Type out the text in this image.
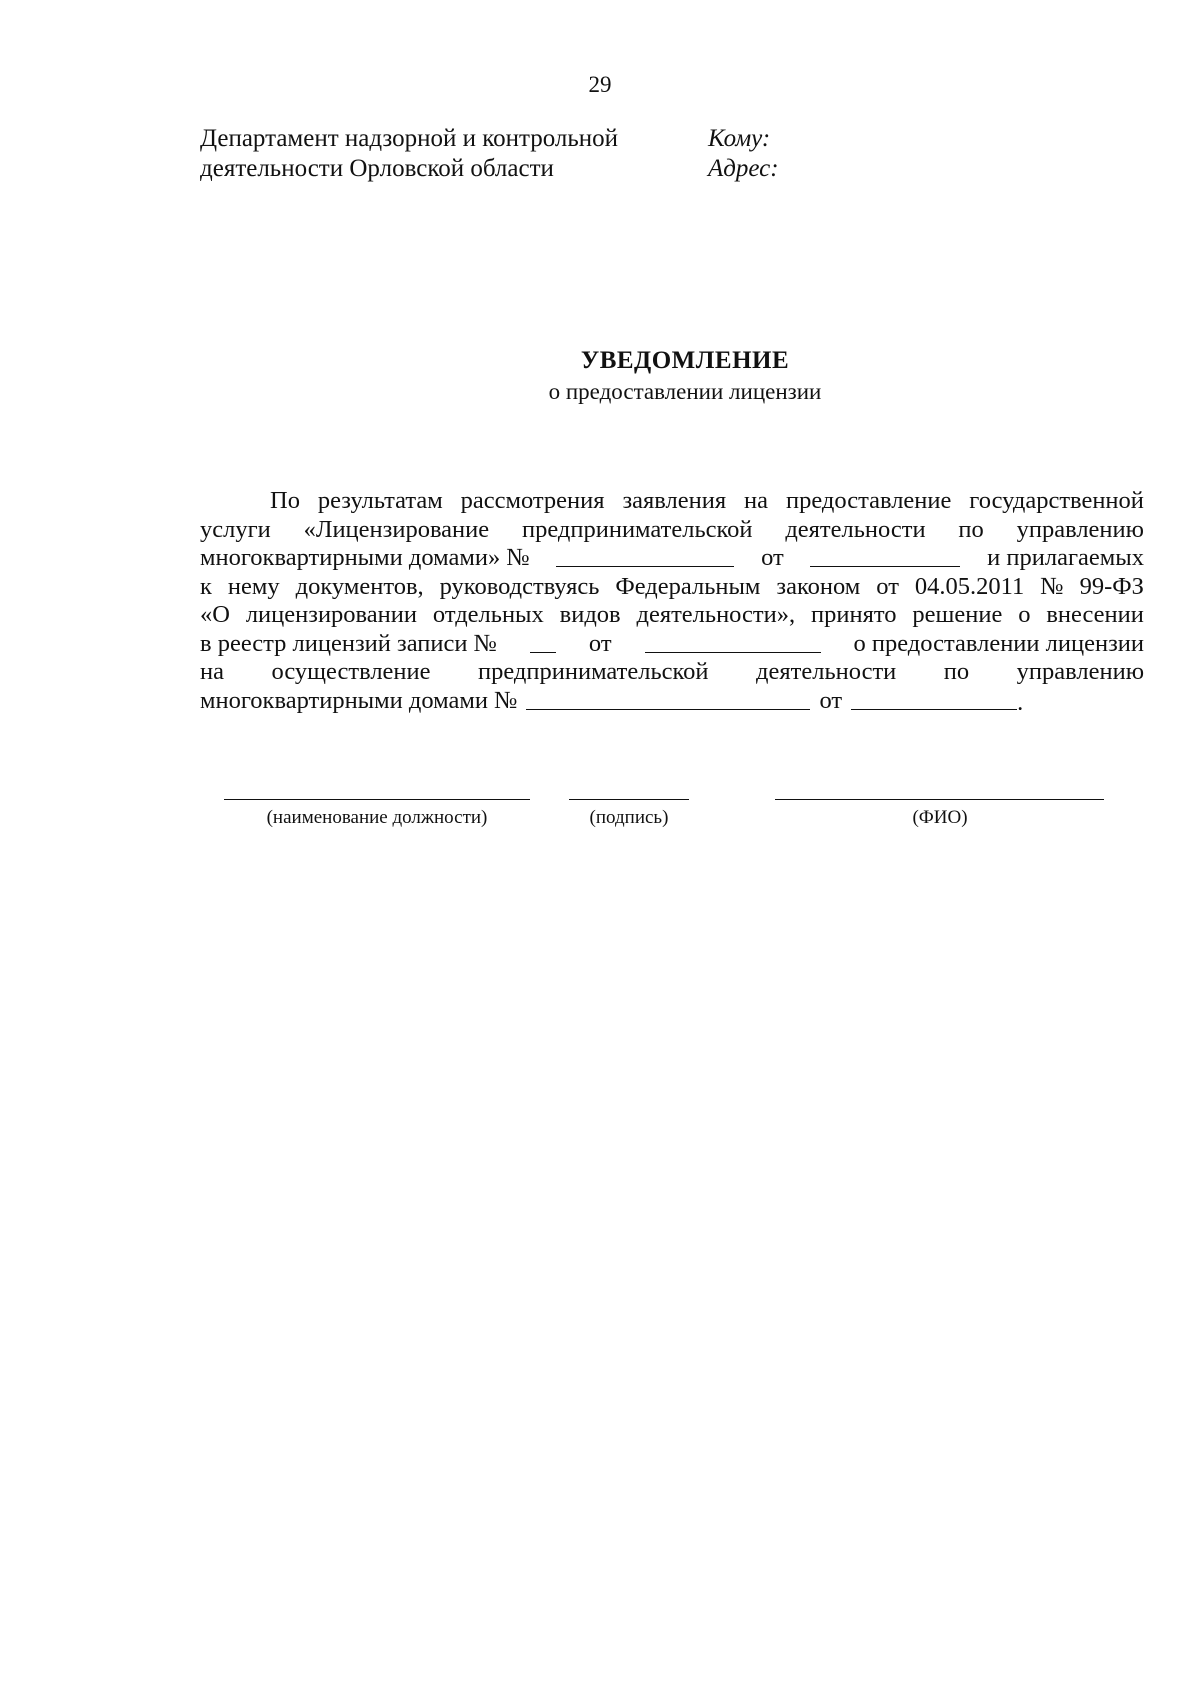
29
Департамент надзорной и контрольной
деятельности Орловской области
Кому:
Адрес:
УВЕДОМЛЕНИЕ
о предоставлении лицензии
По результатам рассмотрения заявления на предоставление государственной
услуги «Лицензирование предпринимательской деятельности по управлению
многоквартирными домами» №	от	и прилагаемых
к нему документов, руководствуясь Федеральным законом от 04.05.2011 № 99-ФЗ
«О лицензировании отдельных видов деятельности», принято решение о внесении
в реестр лицензий записи №	от	о предоставлении лицензии
на осуществление предпринимательской деятельности по управлению
многоквартирными домами №	от	.
(наименование должности)	(подпись)	(ФИО)
